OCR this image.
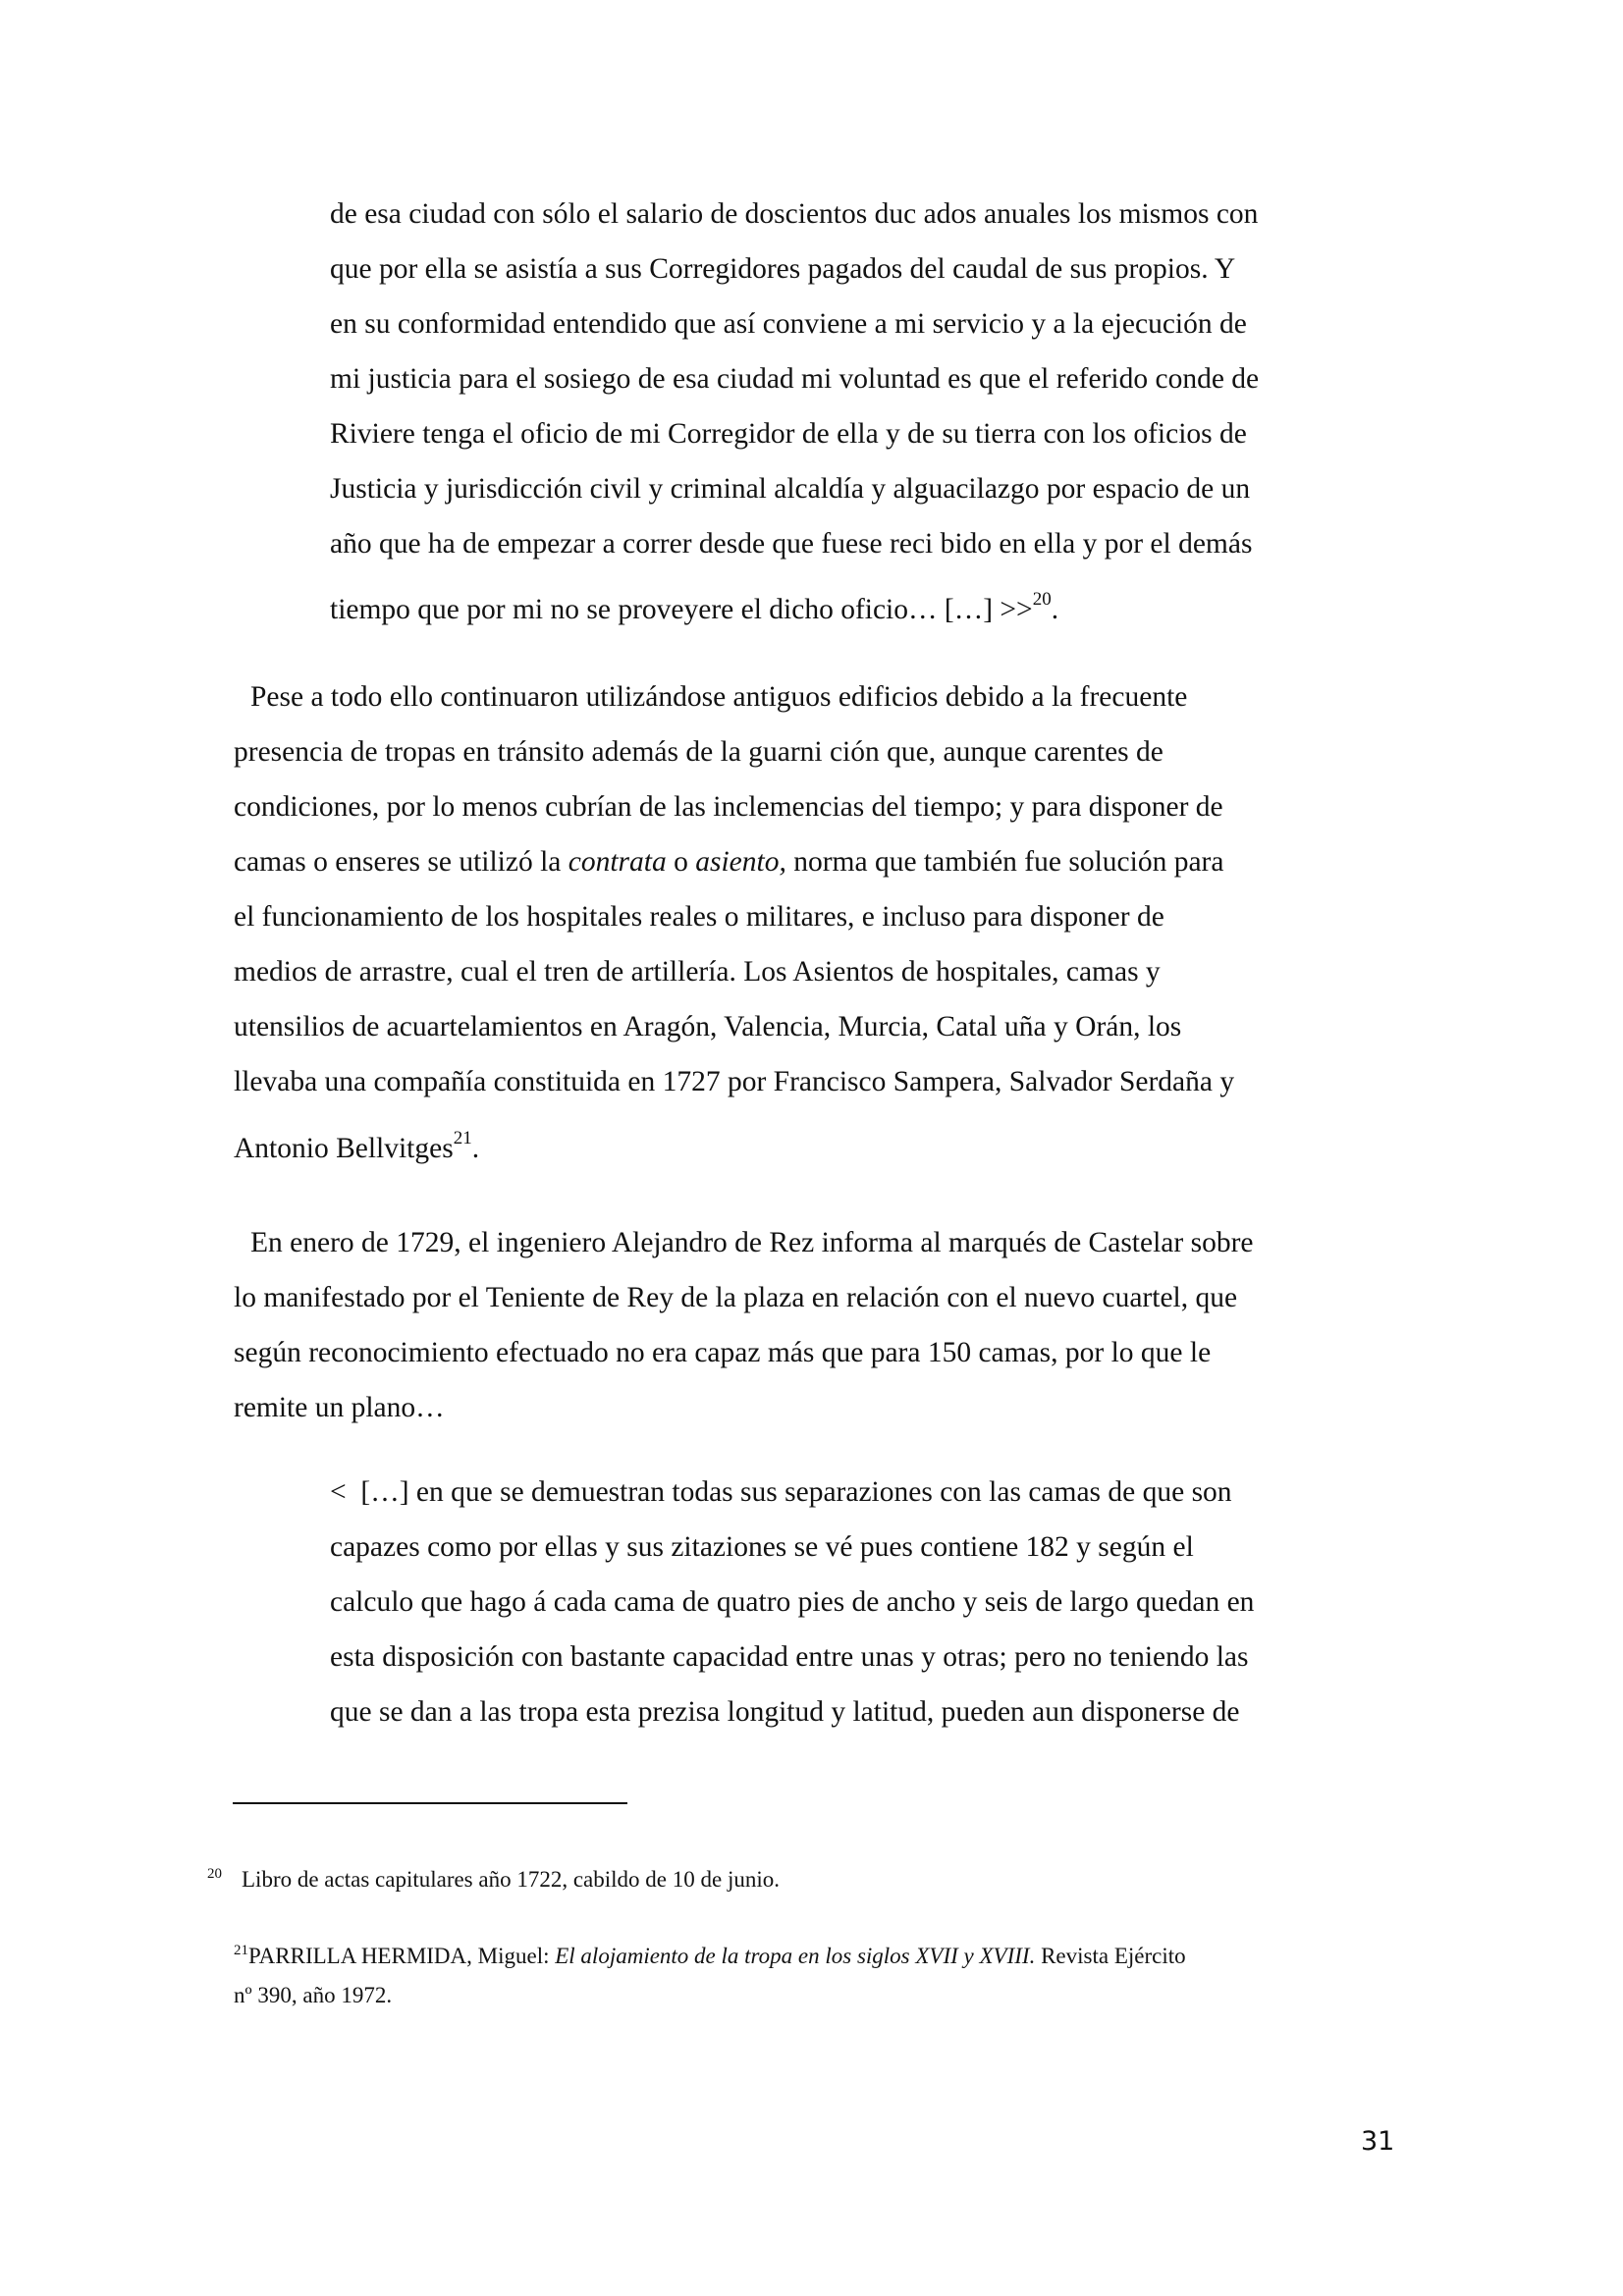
de esa ciudad con sólo el salario de doscientos duc ados anuales los mismos con
que por ella se asistía a sus Corregidores pagados del caudal de sus propios. Y
en su conformidad entendido que así conviene a mi servicio y a la ejecución de
mi justicia para el sosiego de esa ciudad mi voluntad es que el referido conde de
Riviere tenga el oficio de mi Corregidor de ella y de su tierra con los oficios de
Justicia y jurisdicción civil y criminal alcaldía y alguacilazgo por espacio de un
año que ha de empezar a correr desde que fuese reci bido en ella y por el demás
tiempo que por mi no se proveyere el dicho oficio… […] >>$^{20}$.
Pese a todo ello continuaron utilizándose antiguos edificios debido a la frecuente
presencia de tropas en tránsito además de la guarni ción que, aunque carentes de
condiciones, por lo menos cubrían de las inclemencias del tiempo; y para disponer de
camas o enseres se utilizó la contrata o asiento, norma que también fue solución para
el funcionamiento de los hospitales reales o militares, e incluso para disponer de
medios de arrastre, cual el tren de artillería. Los Asientos de hospitales, camas y
utensilios de acuartelamientos en Aragón, Valencia, Murcia, Catal uña y Orán, los
llevaba una compañía constituida en 1727 por Francisco Sampera, Salvador Serdaña y
Antonio Bellvitges$^{21}$.
En enero de 1729, el ingeniero Alejandro de Rez informa al marqués de Castelar sobre
lo manifestado por el Teniente de Rey de la plaza en relación con el nuevo cuartel, que
según reconocimiento efectuado no era capaz más que para 150 camas, por lo que le
remite un plano…
<  […] en que se demuestran todas sus separaziones con las camas de que son
capazes como por ellas y sus zitaziones se vé pues contiene 182 y según el
calculo que hago á cada cama de quatro pies de ancho y seis de largo quedan en
esta disposición con bastante capacidad entre unas y otras; pero no teniendo las
que se dan a las tropa esta prezisa longitud y latitud, pueden aun disponerse de
$^{20}$ Libro de actas capitulares año 1722, cabildo de 10 de junio.
$^{21}$PARRILLA HERMIDA, Miguel: El alojamiento de la tropa en los siglos XVII y XVIII. Revista Ejército
nº 390, año 1972.
31
